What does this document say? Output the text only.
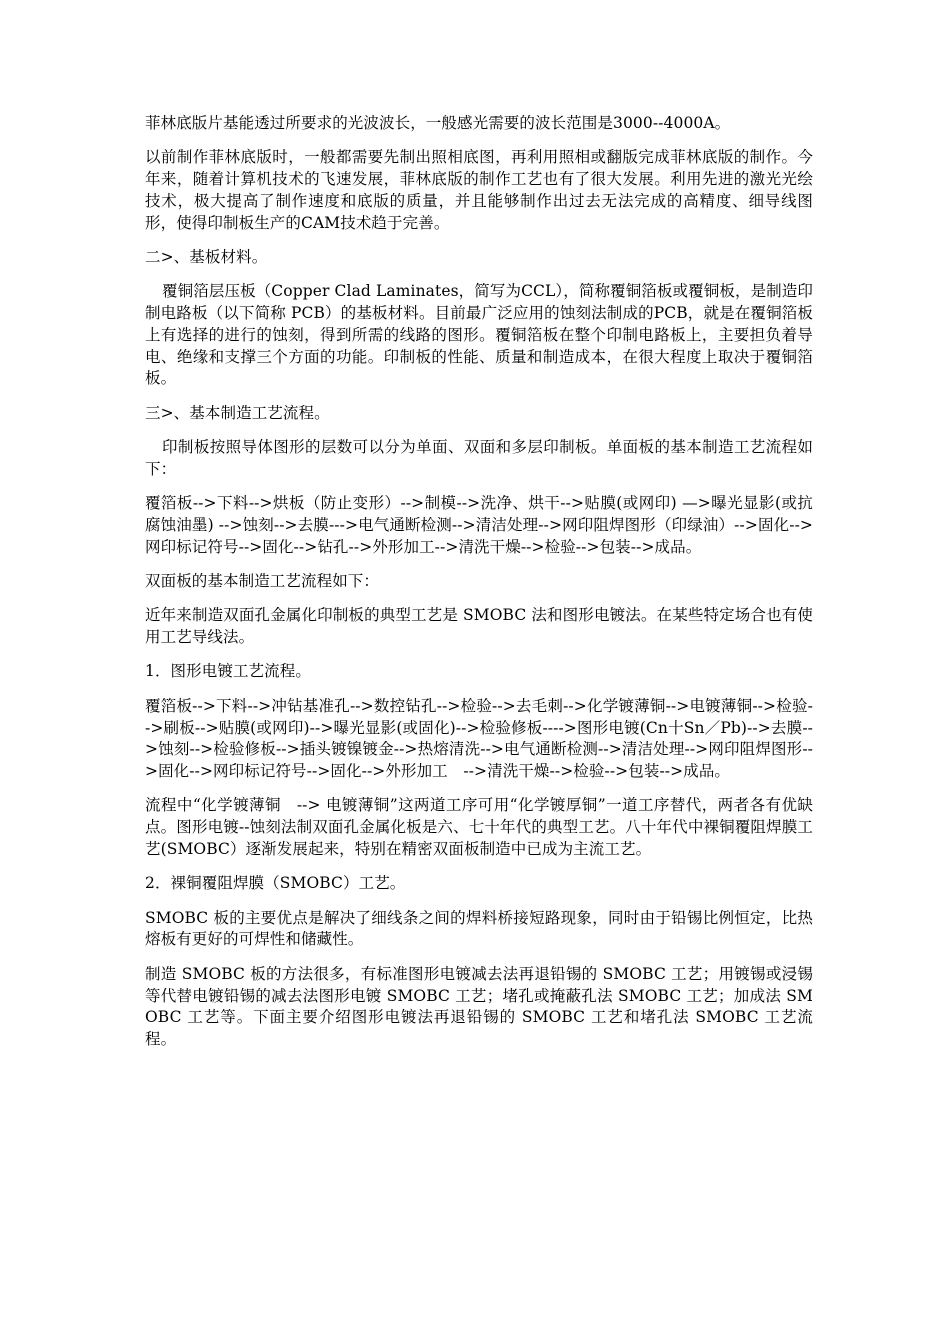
菲林底版片基能透过所要求的光波波长，一般感光需要的波长范围是3000--4000A。

以前制作菲林底版时，一般都需要先制出照相底图，再利用照相或翻版完成菲林底版的制作。今年来，随着计算机技术的飞速发展，菲林底版的制作工艺也有了很大发展。利用先进的激光光绘技术，极大提高了制作速度和底版的质量，并且能够制作出过去无法完成的高精度、细导线图形，使得印制板生产的CAM技术趋于完善。

二>、基板材料。

覆铜箔层压板（Copper Clad Laminates，简写为CCL），简称覆铜箔板或覆铜板，是制造印制电路板（以下简称 PCB）的基板材料。目前最广泛应用的蚀刻法制成的PCB，就是在覆铜箔板上有选择的进行的蚀刻，得到所需的线路的图形。覆铜箔板在整个印制电路板上，主要担负着导电、绝缘和支撑三个方面的功能。印制板的性能、质量和制造成本，在很大程度上取决于覆铜箔板。

三>、基本制造工艺流程。

印制板按照导体图形的层数可以分为单面、双面和多层印制板。单面板的基本制造工艺流程如下：

覆箔板-->下料-->烘板（防止变形）-->制模-->洗净、烘干-->贴膜(或网印) —>曝光显影(或抗腐蚀油墨) -->蚀刻-->去膜--->电气通断检测-->清洁处理-->网印阻焊图形（印绿油）-->固化-->网印标记符号-->固化-->钻孔-->外形加工-->清洗干燥-->检验-->包装-->成品。

双面板的基本制造工艺流程如下：

近年来制造双面孔金属化印制板的典型工艺是 SMOBC 法和图形电镀法。在某些特定场合也有使用工艺导线法。

1．图形电镀工艺流程。

覆箔板-->下料-->冲钻基准孔-->数控钻孔-->检验-->去毛刺-->化学镀薄铜-->电镀薄铜-->检验-->刷板-->贴膜(或网印)-->曝光显影(或固化)-->检验修板---->图形电镀(Cn十Sn／Pb)-->去膜-->蚀刻-->检验修板-->插头镀镍镀金-->热熔清洗-->电气通断检测-->清洁处理-->网印阻焊图形-->固化-->网印标记符号-->固化-->外形加工　-->清洗干燥-->检验-->包装-->成品。

流程中“化学镀薄铜　--> 电镀薄铜”这两道工序可用“化学镀厚铜”一道工序替代，两者各有优缺点。图形电镀--蚀刻法制双面孔金属化板是六、七十年代的典型工艺。八十年代中裸铜覆阻焊膜工艺(SMOBC）逐渐发展起来，特别在精密双面板制造中已成为主流工艺。

2．裸铜覆阻焊膜（SMOBC）工艺。

SMOBC 板的主要优点是解决了细线条之间的焊料桥接短路现象，同时由于铅锡比例恒定，比热熔板有更好的可焊性和储藏性。

制造 SMOBC 板的方法很多，有标准图形电镀减去法再退铅锡的 SMOBC 工艺；用镀锡或浸锡等代替电镀铅锡的减去法图形电镀 SMOBC 工艺；堵孔或掩蔽孔法 SMOBC 工艺；加成法 SMOBC 工艺等。下面主要介绍图形电镀法再退铅锡的 SMOBC 工艺和堵孔法 SMOBC 工艺流程。
